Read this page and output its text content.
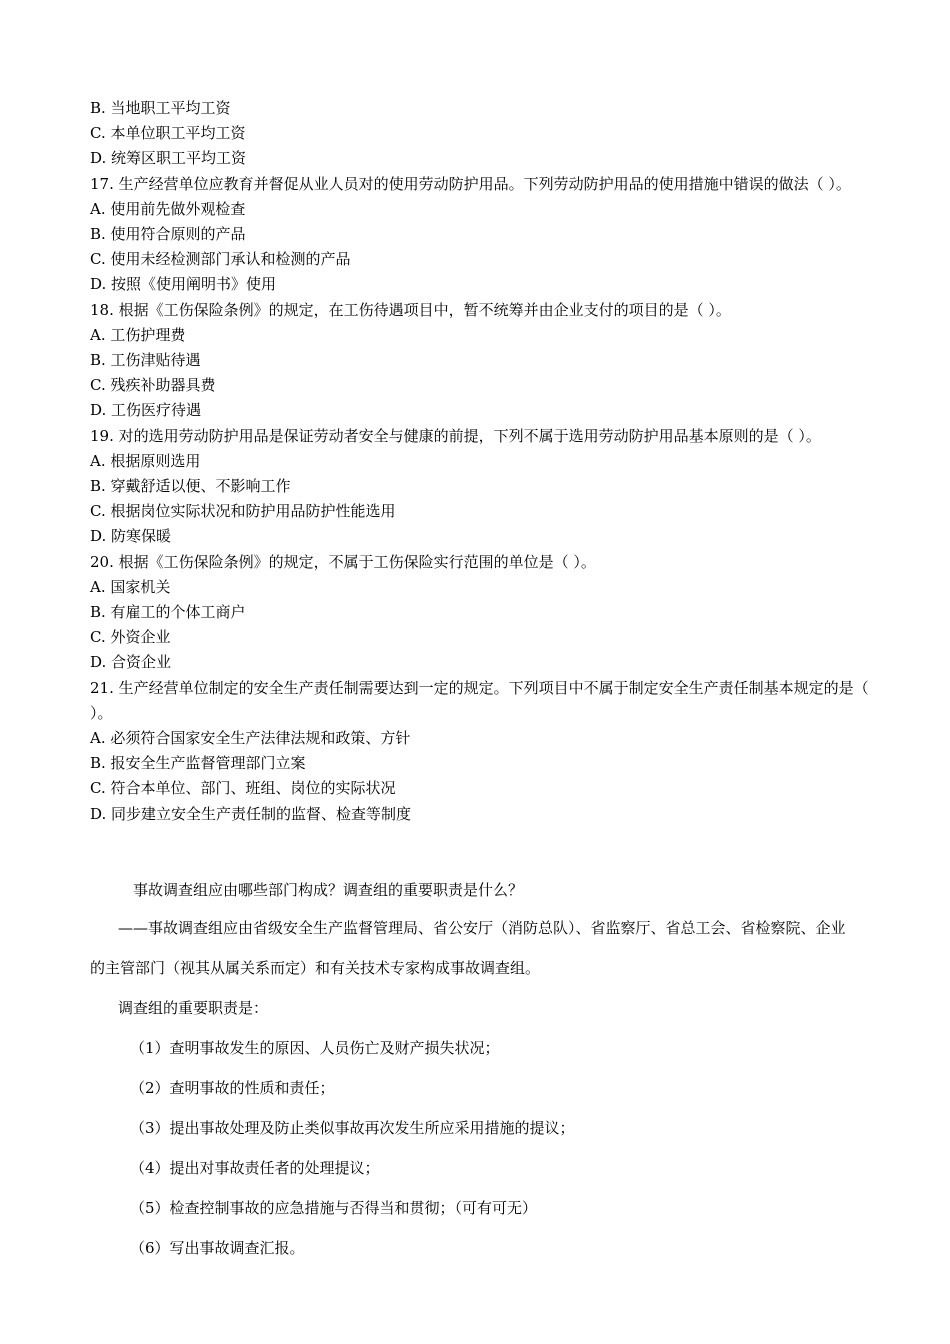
B. 当地职工平均工资
C. 本单位职工平均工资
D. 统筹区职工平均工资
17. 生产经营单位应教育并督促从业人员对的使用劳动防护用品。下列劳动防护用品的使用措施中错误的做法（ ）。
A. 使用前先做外观检查
B. 使用符合原则的产品
C. 使用未经检测部门承认和检测的产品
D. 按照《使用阐明书》使用
18. 根据《工伤保险条例》的规定，在工伤待遇项目中，暂不统筹并由企业支付的项目的是（ ）。
A. 工伤护理费
B. 工伤津贴待遇
C. 残疾补助器具费
D. 工伤医疗待遇
19. 对的选用劳动防护用品是保证劳动者安全与健康的前提，下列不属于选用劳动防护用品基本原则的是（ ）。
A. 根据原则选用
B. 穿戴舒适以便、不影响工作
C. 根据岗位实际状况和防护用品防护性能选用
D. 防寒保暖
20. 根据《工伤保险条例》的规定，不属于工伤保险实行范围的单位是（ ）。
A. 国家机关
B. 有雇工的个体工商户
C. 外资企业
D. 合资企业
21. 生产经营单位制定的安全生产责任制需要达到一定的规定。下列项目中不属于制定安全生产责任制基本规定的是（ ）。
A. 必须符合国家安全生产法律法规和政策、方针
B. 报安全生产监督管理部门立案
C. 符合本单位、部门、班组、岗位的实际状况
D. 同步建立安全生产责任制的监督、检查等制度
事故调查组应由哪些部门构成？调查组的重要职责是什么？
——事故调查组应由省级安全生产监督管理局、省公安厅（消防总队）、省监察厅、省总工会、省检察院、企业的主管部门（视其从属关系而定）和有关技术专家构成事故调查组。
调查组的重要职责是：
（1）查明事故发生的原因、人员伤亡及财产损失状况；
（2）查明事故的性质和责任；
（3）提出事故处理及防止类似事故再次发生所应采用措施的提议；
（4）提出对事故责任者的处理提议；
（5）检查控制事故的应急措施与否得当和贯彻；（可有可无）
（6）写出事故调查汇报。
